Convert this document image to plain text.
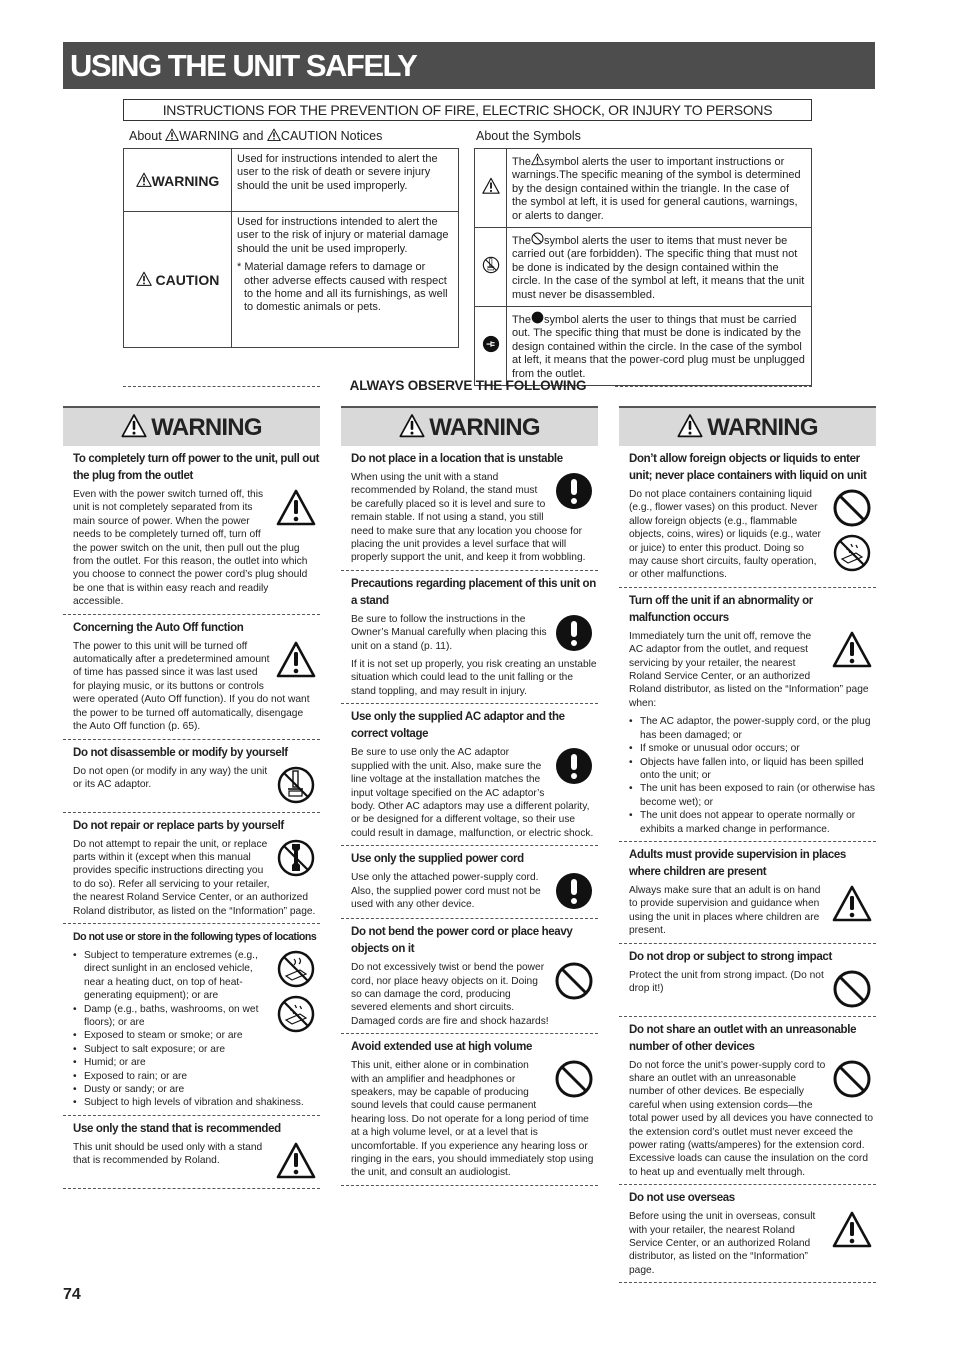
USING THE UNIT SAFELY
INSTRUCTIONS FOR THE PREVENTION OF FIRE, ELECTRIC SHOCK, OR INJURY TO PERSONS
About WARNING and CAUTION Notices	About the Symbols
WARNING	Used for instructions intended to alert the user to the risk of death or severe injury should the unit be used improperly.
CAUTION	Used for instructions intended to alert the user to the risk of injury or material damage should the unit be used improperly.
* Material damage refers to damage or other adverse effects caused with respect to the home and all its furnishings, as well to domestic animals or pets.
	The symbol alerts the user to important instructions or warnings.The specific meaning of the symbol is determined by the design contained within the triangle. In the case of the symbol at left, it is used for general cautions, warnings, or alerts to danger.
	The symbol alerts the user to items that must never be carried out (are forbidden). The specific thing that must not be done is indicated by the design contained within the circle. In the case of the symbol at left, it means that the unit must never be disassembled.
	The symbol alerts the user to things that must be carried out. The specific thing that must be done is indicated by the design contained within the circle. In the case of the symbol at left, it means that the power-cord plug must be unplugged from the outlet.
ALWAYS OBSERVE THE FOLLOWING
WARNING
To completely turn off power to the unit, pull out the plug from the outlet
Even with the power switch turned off, this unit is not completely separated from its main source of power. When the power needs to be completely turned off, turn off the power switch on the unit, then pull out the plug from the outlet. For this reason, the outlet into which you choose to connect the power cord’s plug should be one that is within easy reach and readily accessible.
Concerning the Auto Off function
The power to this unit will be turned off automatically after a predetermined amount of time has passed since it was last used for playing music, or its buttons or controls were operated (Auto Off function). If you do not want the power to be turned off automatically, disengage the Auto Off function (p. 65).
Do not disassemble or modify by yourself
Do not open (or modify in any way) the unit or its AC adaptor.
Do not repair or replace parts by yourself
Do not attempt to repair the unit, or replace parts within it (except when this manual provides specific instructions directing you to do so). Refer all servicing to your retailer, the nearest Roland Service Center, or an authorized Roland distributor, as listed on the “Information” page.
Do not use or store in the following types of locations
• Subject to temperature extremes (e.g., direct sunlight in an enclosed vehicle, near a heating duct, on top of heat-generating equipment); or are
• Damp (e.g., baths, washrooms, on wet floors); or are
• Exposed to steam or smoke; or are
• Subject to salt exposure; or are
• Humid; or are
• Exposed to rain; or are
• Dusty or sandy; or are
• Subject to high levels of vibration and shakiness.
Use only the stand that is recommended
This unit should be used only with a stand that is recommended by Roland.
WARNING
Do not place in a location that is unstable
When using the unit with a stand recommended by Roland, the stand must be carefully placed so it is level and sure to remain stable. If not using a stand, you still need to make sure that any location you choose for placing the unit provides a level surface that will properly support the unit, and keep it from wobbling.
Precautions regarding placement of this unit on a stand
Be sure to follow the instructions in the Owner’s Manual carefully when placing this unit on a stand (p. 11).
If it is not set up properly, you risk creating an unstable situation which could lead to the unit falling or the stand toppling, and may result in injury.
Use only the supplied AC adaptor and the correct voltage
Be sure to use only the AC adaptor supplied with the unit. Also, make sure the line voltage at the installation matches the input voltage specified on the AC adaptor’s body. Other AC adaptors may use a different polarity, or be designed for a different voltage, so their use could result in damage, malfunction, or electric shock.
Use only the supplied power cord
Use only the attached power-supply cord. Also, the supplied power cord must not be used with any other device.
Do not bend the power cord or place heavy objects on it
Do not excessively twist or bend the power cord, nor place heavy objects on it. Doing so can damage the cord, producing severed elements and short circuits. Damaged cords are fire and shock hazards!
Avoid extended use at high volume
This unit, either alone or in combination with an amplifier and headphones or speakers, may be capable of producing sound levels that could cause permanent hearing loss. Do not operate for a long period of time at a high volume level, or at a level that is uncomfortable. If you experience any hearing loss or ringing in the ears, you should immediately stop using the unit, and consult an audiologist.
WARNING
Don’t allow foreign objects or liquids to enter unit; never place containers with liquid on unit
Do not place containers containing liquid (e.g., flower vases) on this product. Never allow foreign objects (e.g., flammable objects, coins, wires) or liquids (e.g., water or juice) to enter this product. Doing so may cause short circuits, faulty operation, or other malfunctions.
Turn off the unit if an abnormality or malfunction occurs
Immediately turn the unit off, remove the AC adaptor from the outlet, and request servicing by your retailer, the nearest Roland Service Center, or an authorized Roland distributor, as listed on the “Information” page when:
• The AC adaptor, the power-supply cord, or the plug has been damaged; or
• If smoke or unusual odor occurs; or
• Objects have fallen into, or liquid has been spilled onto the unit; or
• The unit has been exposed to rain (or otherwise has become wet); or
• The unit does not appear to operate normally or exhibits a marked change in performance.
Adults must provide supervision in places where children are present
Always make sure that an adult is on hand to provide supervision and guidance when using the unit in places where children are present.
Do not drop or subject to strong impact
Protect the unit from strong impact. (Do not drop it!)
Do not share an outlet with an unreasonable number of other devices
Do not force the unit’s power-supply cord to share an outlet with an unreasonable number of other devices. Be especially careful when using extension cords—the total power used by all devices you have connected to the extension cord’s outlet must never exceed the power rating (watts/amperes) for the extension cord. Excessive loads can cause the insulation on the cord to heat up and eventually melt through.
Do not use overseas
Before using the unit in overseas, consult with your retailer, the nearest Roland Service Center, or an authorized Roland distributor, as listed on the “Information” page.
74
